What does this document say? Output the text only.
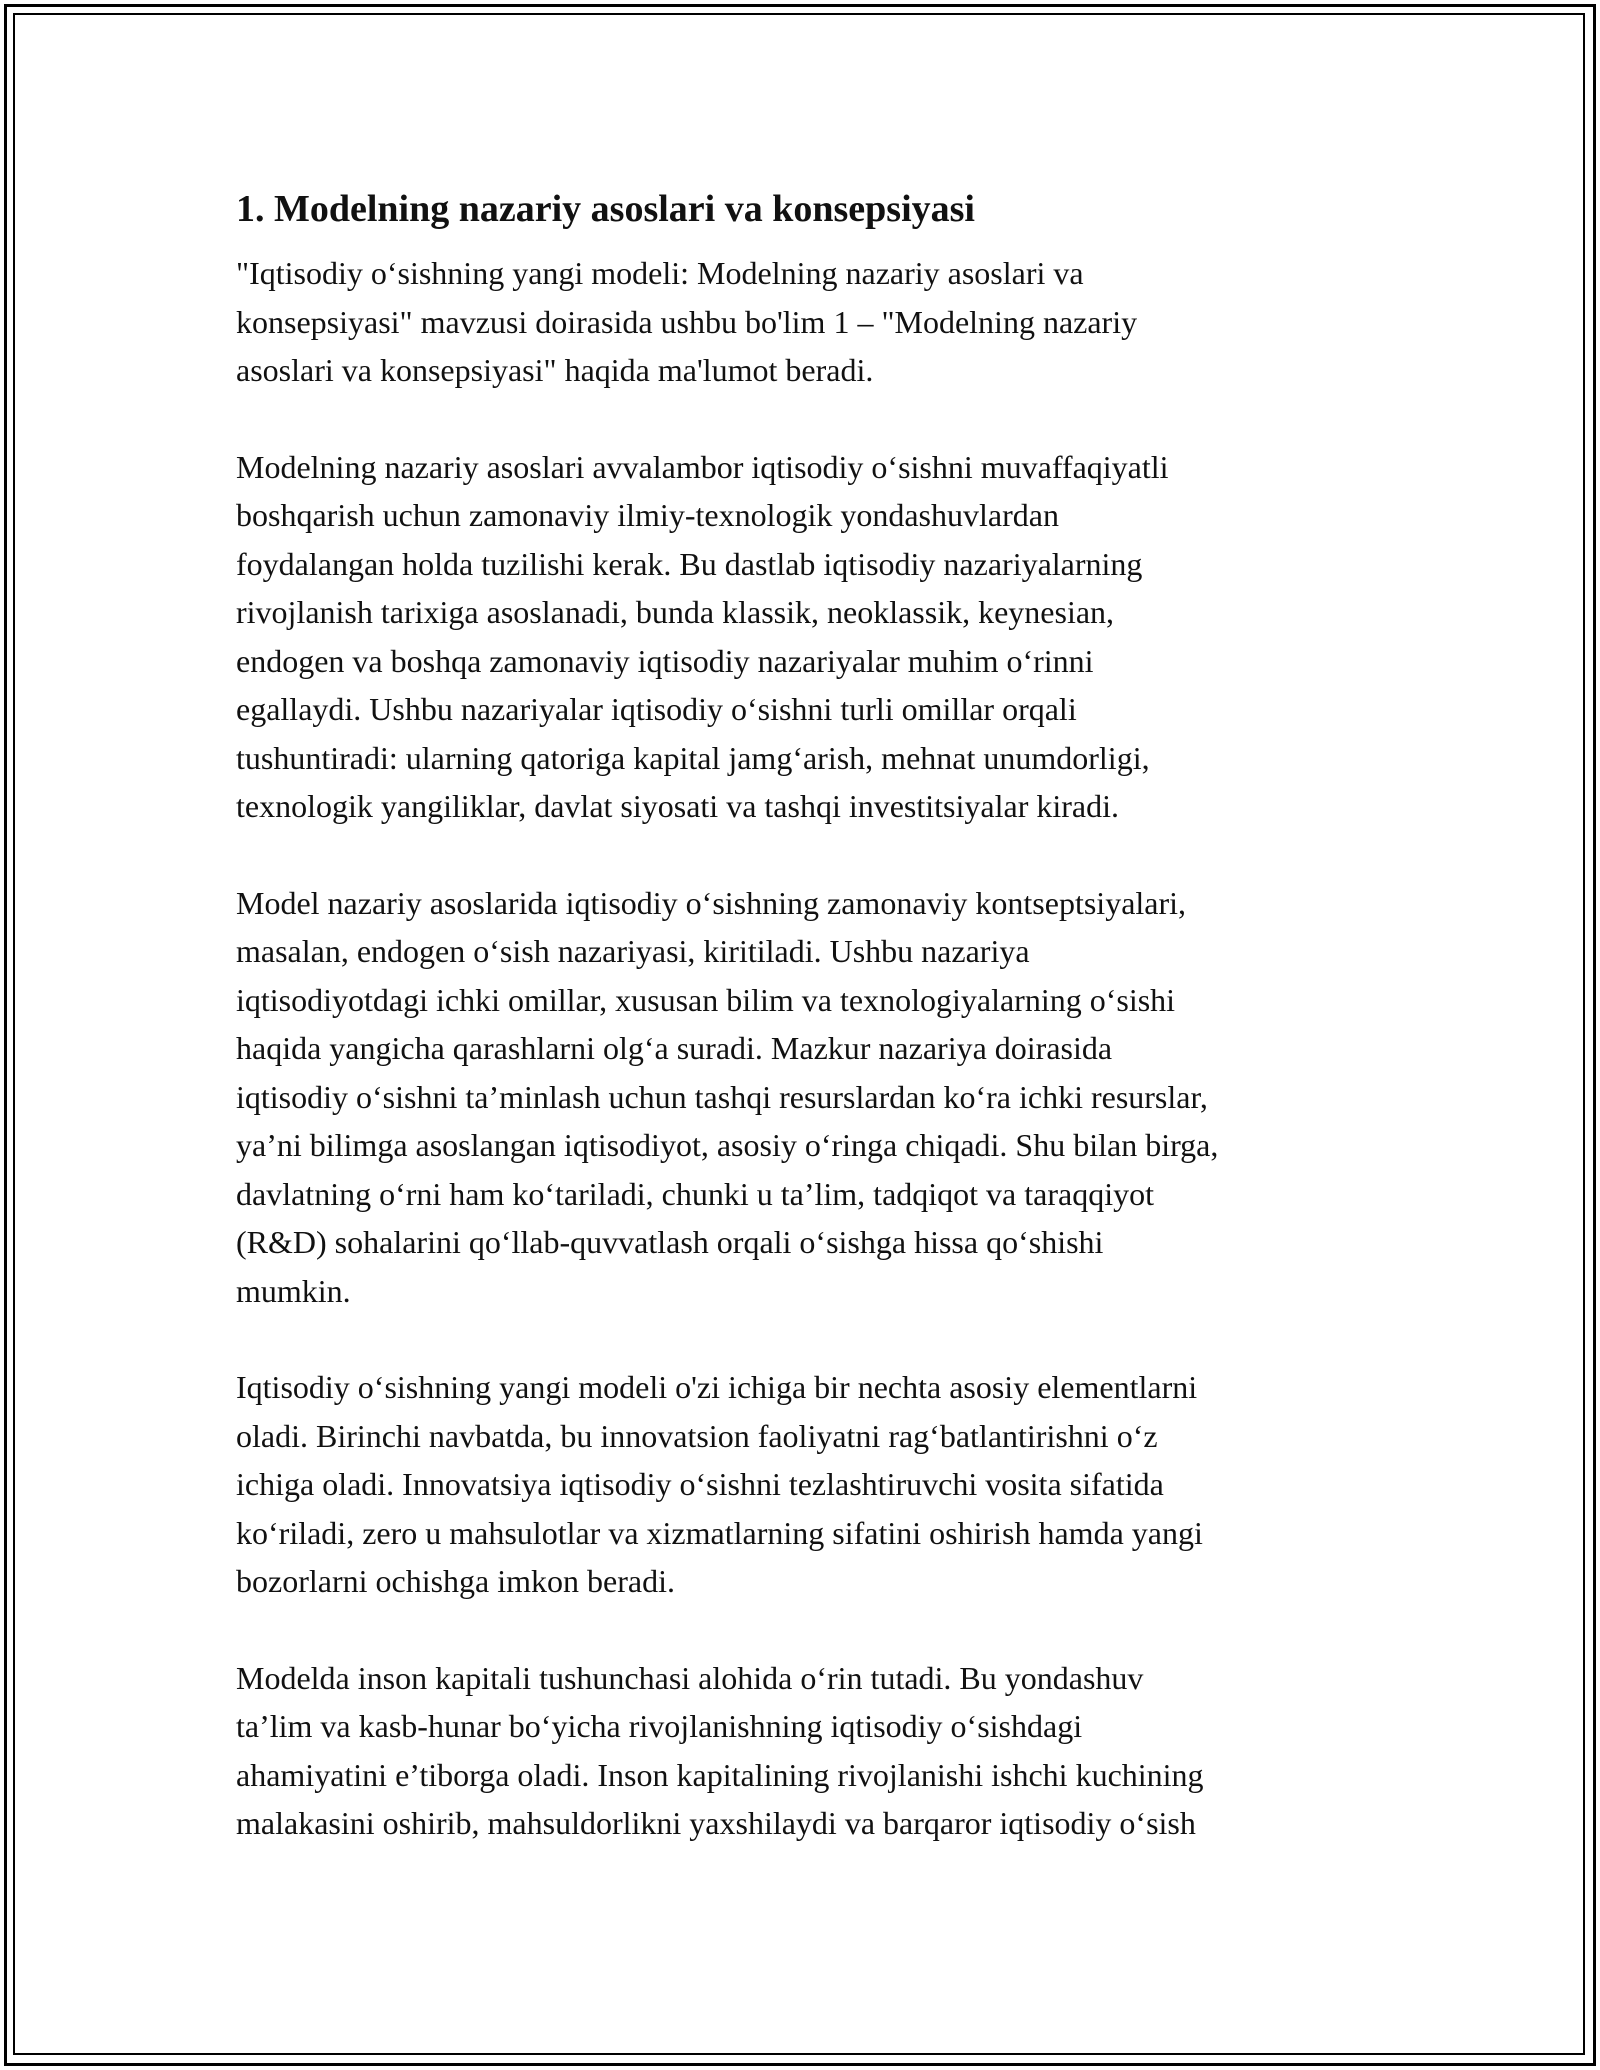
1. Modelning nazariy asoslari va konsepsiyasi
"Iqtisodiy o‘sishning yangi modeli: Modelning nazariy asoslari va
konsepsiyasi" mavzusi doirasida ushbu bo'lim 1 – "Modelning nazariy
asoslari va konsepsiyasi" haqida ma'lumot beradi.
Modelning nazariy asoslari avvalambor iqtisodiy o‘sishni muvaffaqiyatli
boshqarish uchun zamonaviy ilmiy-texnologik yondashuvlardan
foydalangan holda tuzilishi kerak. Bu dastlab iqtisodiy nazariyalarning
rivojlanish tarixiga asoslanadi, bunda klassik, neoklassik, keynesian,
endogen va boshqa zamonaviy iqtisodiy nazariyalar muhim o‘rinni
egallaydi. Ushbu nazariyalar iqtisodiy o‘sishni turli omillar orqali
tushuntiradi: ularning qatoriga kapital jamg‘arish, mehnat unumdorligi,
texnologik yangiliklar, davlat siyosati va tashqi investitsiyalar kiradi.
Model nazariy asoslarida iqtisodiy o‘sishning zamonaviy kontseptsiyalari,
masalan, endogen o‘sish nazariyasi, kiritiladi. Ushbu nazariya
iqtisodiyotdagi ichki omillar, xususan bilim va texnologiyalarning o‘sishi
haqida yangicha qarashlarni olg‘a suradi. Mazkur nazariya doirasida
iqtisodiy o‘sishni ta’minlash uchun tashqi resurslardan ko‘ra ichki resurslar,
ya’ni bilimga asoslangan iqtisodiyot, asosiy o‘ringa chiqadi. Shu bilan birga,
davlatning o‘rni ham ko‘tariladi, chunki u ta’lim, tadqiqot va taraqqiyot
(R&D) sohalarini qo‘llab-quvvatlash orqali o‘sishga hissa qo‘shishi
mumkin.
Iqtisodiy o‘sishning yangi modeli o'zi ichiga bir nechta asosiy elementlarni
oladi. Birinchi navbatda, bu innovatsion faoliyatni rag‘batlantirishni o‘z
ichiga oladi. Innovatsiya iqtisodiy o‘sishni tezlashtiruvchi vosita sifatida
ko‘riladi, zero u mahsulotlar va xizmatlarning sifatini oshirish hamda yangi
bozorlarni ochishga imkon beradi.
Modelda inson kapitali tushunchasi alohida o‘rin tutadi. Bu yondashuv
ta’lim va kasb-hunar bo‘yicha rivojlanishning iqtisodiy o‘sishdagi
ahamiyatini e’tiborga oladi. Inson kapitalining rivojlanishi ishchi kuchining
malakasini oshirib, mahsuldorlikni yaxshilaydi va barqaror iqtisodiy o‘sish
